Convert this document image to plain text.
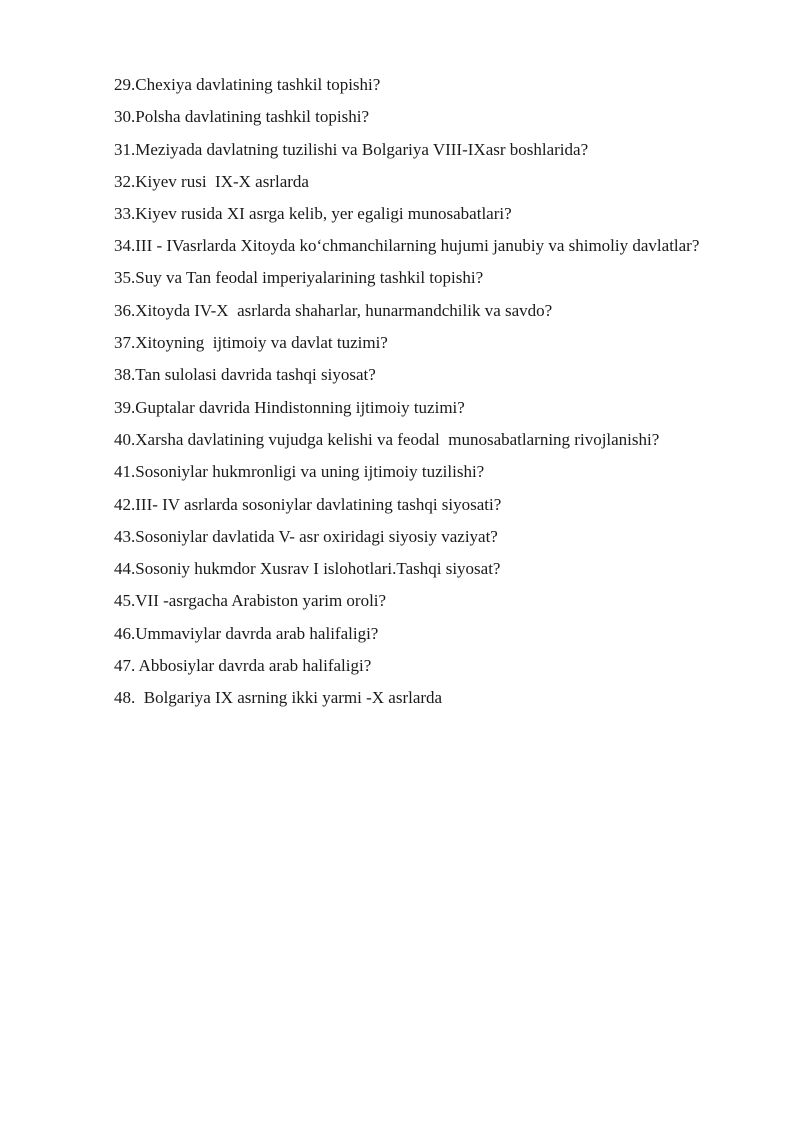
29.Chexiya davlatining tashkil topishi?
30.Polsha davlatining tashkil topishi?
31.Meziyada davlatning tuzilishi va Bolgariya VIII-IXasr boshlarida?
32.Kiyev rusi  IX-X asrlarda
33.Kiyev rusida XI asrga kelib, yer egaligi munosabatlari?
34.III - IVasrlarda Xitoyda ko‘chmanchilarning hujumi janubiy va shimoliy davlatlar?
35.Suy va Tan feodal imperiyalarining tashkil topishi?
36.Xitoyda IV-X  asrlarda shaharlar, hunarmandchilik va savdo?
37.Xitoyning  ijtimoiy va davlat tuzimi?
38.Tan sulolasi davrida tashqi siyosat?
39.Guptalar davrida Hindistonning ijtimoiy tuzimi?
40.Xarsha davlatining vujudga kelishi va feodal  munosabatlarning rivojlanishi?
41.Sosoniylar hukmronligi va uning ijtimoiy tuzilishi?
42.III- IV asrlarda sosoniylar davlatining tashqi siyosati?
43.Sosoniylar davlatida V- asr oxiridagi siyosiy vaziyat?
44.Sosoniy hukmdor Xusrav I islohotlari.Tashqi siyosat?
45.VII -asrgacha Arabiston yarim oroli?
46.Ummaviylar davrda arab halifaligi?
47. Abbosiylar davrda arab halifaligi?
48.  Bolgariya IX asrning ikki yarmi -X asrlarda
